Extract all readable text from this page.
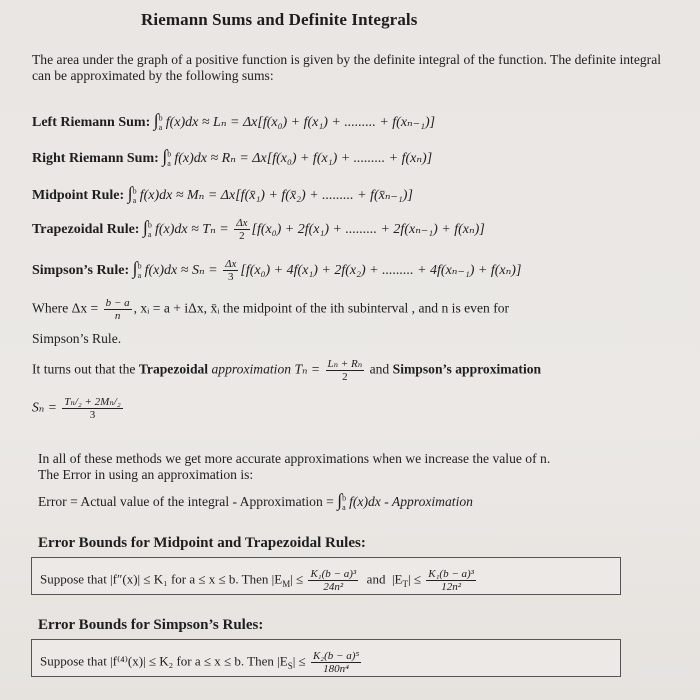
Riemann Sums and Definite Integrals
The area under the graph of a positive function is given by the definite integral of the function. The definite integral can be approximated by the following sums:
Left Riemann Sum: ∫$^b_a$ f(x)dx ≈ Lₙ = Δx[f(x₀) + f(x₁) + ......... + f(xₙ₋₁)]
Right Riemann Sum: ∫$^b_a$ f(x)dx ≈ Rₙ = Δx[f(x₀) + f(x₁) + ......... + f(xₙ)]
Midpoint Rule: ∫$^b_a$ f(x)dx ≈ Mₙ = Δx[f(x̄₁) + f(x̄₂) + ......... + f(x̄ₙ₋₁)]
Trapezoidal Rule: ∫$^b_a$ $f(x)dx \approx T_n = \frac{\Delta x}{2} [f(x_0) + 2f(x_1)$ + ......... + 2f(xₙ₋₁) + f(xₙ)]
Simpson’s Rule: ∫$^b_a$ $f(x)dx \approx S_n = \frac{\Delta x}{3} [f(x_0) + 4f(x_1) + 2f(x_2)$ + ......... + 4f(xₙ₋₁) + f(xₙ)]
Where $\Delta x = \frac{b - a}{n}$ , xᵢ = a + iΔx, x̄ᵢ the midpoint of the ith subinterval , and n is even for
Simpson’s Rule.
It turns out that the Trapezoidal approximation $T_n = \frac{\text{Lₙ + Rₙ}}{2}$ and Simpson’s approximation
$S_n = \frac{\text{Tₙ/₂ + 2Mₙ/₂}}{3}$
In all of these methods we get more accurate approximations when we increase the value of n.
The Error in using an approximation is:
Error = Actual value of the integral - Approximation = ∫$^b_a$ f(x)dx - Approximation
Error Bounds for Midpoint and Trapezoidal Rules:
Suppose that |f″(x)| ≤ K₁ for a ≤ x ≤ b. Then $|E_M| \le \frac{\text{K₁(b − a)³}}{\text{24n²}}$ and $|E_T| \le \frac{\text{K₁(b − a)³}}{\text{12n²}}$
Error Bounds for Simpson’s Rules:
Suppose that |f⁽⁴⁾(x)| ≤ K₂ for a ≤ x ≤ b. Then $|E_S| \le \frac{\text{K₂(b − a)⁵}}{\text{180n⁴}}$
